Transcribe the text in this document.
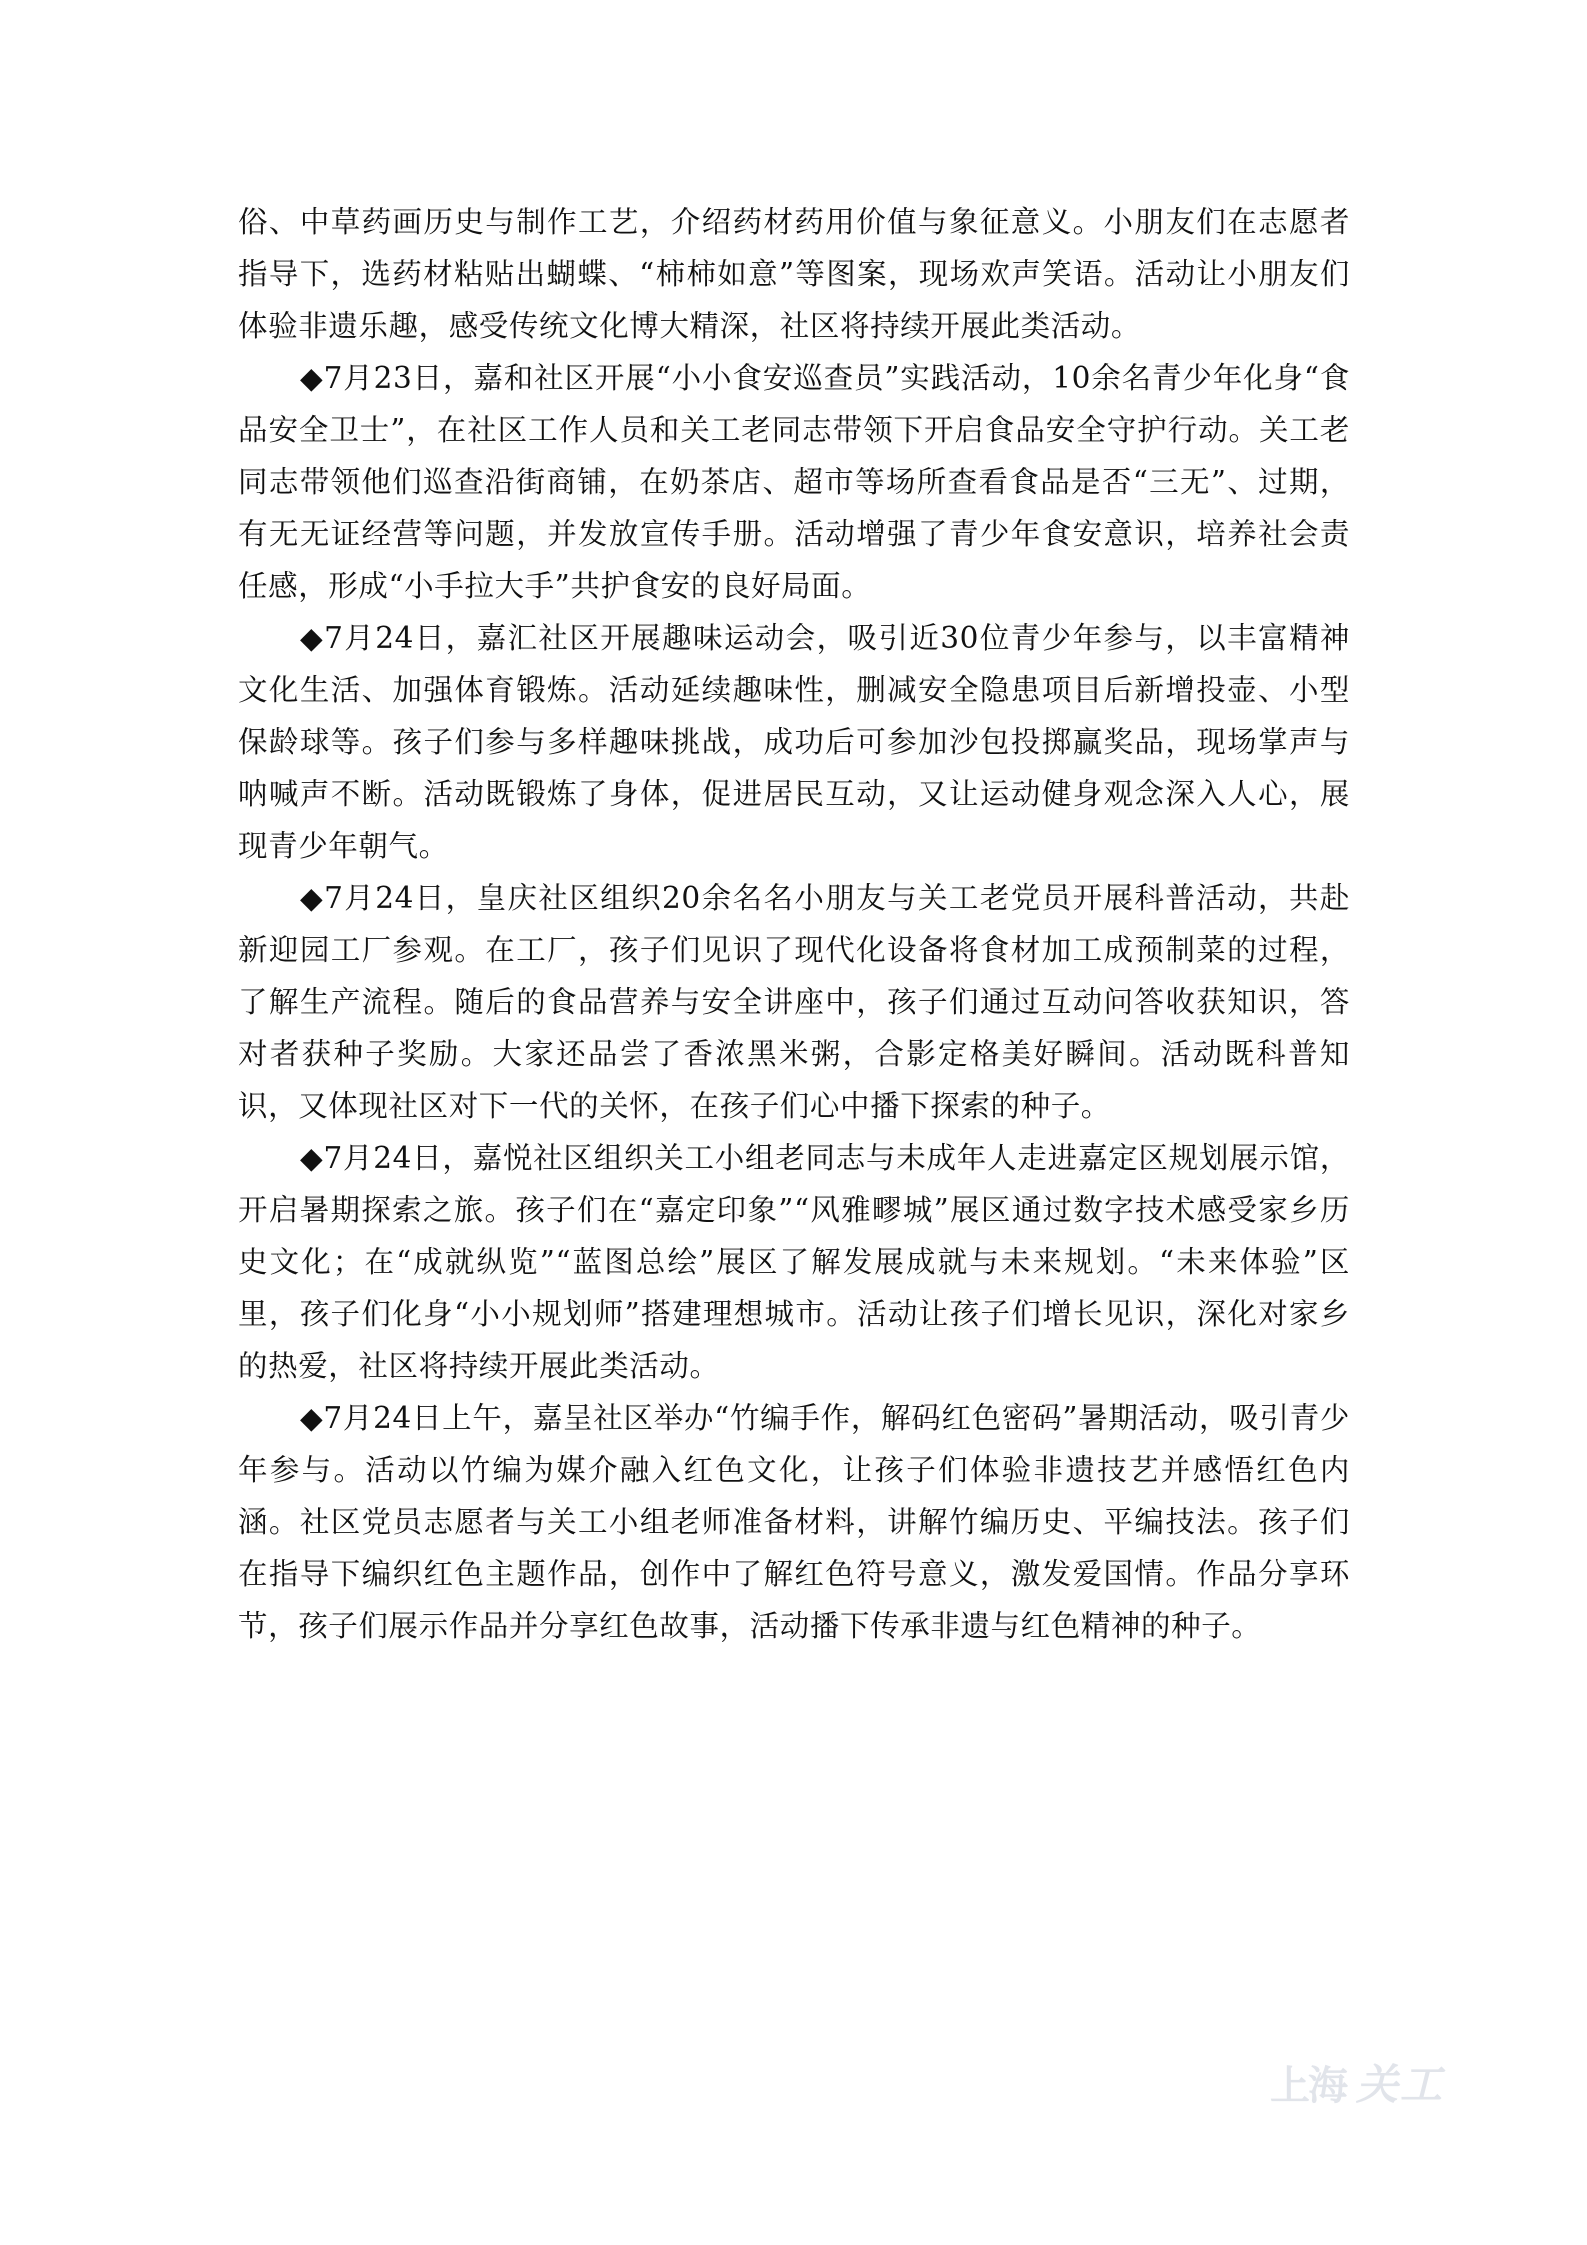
俗、中草药画历史与制作工艺，介绍药材药用价值与象征意义。小朋友们在志愿者指导下，选药材粘贴出蝴蝶、“柿柿如意”等图案，现场欢声笑语。活动让小朋友们体验非遗乐趣，感受传统文化博大精深，社区将持续开展此类活动。

◆7月23日，嘉和社区开展“小小食安巡查员”实践活动，10余名青少年化身“食品安全卫士”，在社区工作人员和关工老同志带领下开启食品安全守护行动。关工老同志带领他们巡查沿街商铺，在奶茶店、超市等场所查看食品是否“三无”、过期，有无无证经营等问题，并发放宣传手册。活动增强了青少年食安意识，培养社会责任感，形成“小手拉大手”共护食安的良好局面。

◆7月24日，嘉汇社区开展趣味运动会，吸引近30位青少年参与，以丰富精神文化生活、加强体育锻炼。活动延续趣味性，删减安全隐患项目后新增投壶、小型保龄球等。孩子们参与多样趣味挑战，成功后可参加沙包投掷赢奖品，现场掌声与呐喊声不断。活动既锻炼了身体，促进居民互动，又让运动健身观念深入人心，展现青少年朝气。

◆7月24日，皇庆社区组织20余名名小朋友与关工老党员开展科普活动，共赴新迎园工厂参观。在工厂，孩子们见识了现代化设备将食材加工成预制菜的过程，了解生产流程。随后的食品营养与安全讲座中，孩子们通过互动问答收获知识，答对者获种子奖励。大家还品尝了香浓黑米粥，合影定格美好瞬间。活动既科普知识，又体现社区对下一代的关怀，在孩子们心中播下探索的种子。

◆7月24日，嘉悦社区组织关工小组老同志与未成年人走进嘉定区规划展示馆，开启暑期探索之旅。孩子们在“嘉定印象”“风雅疁城”展区通过数字技术感受家乡历史文化；在“成就纵览”“蓝图总绘”展区了解发展成就与未来规划。“未来体验”区里，孩子们化身“小小规划师”搭建理想城市。活动让孩子们增长见识，深化对家乡的热爱，社区将持续开展此类活动。

◆7月24日上午，嘉呈社区举办“竹编手作，解码红色密码”暑期活动，吸引青少年参与。活动以竹编为媒介融入红色文化，让孩子们体验非遗技艺并感悟红色内涵。社区党员志愿者与关工小组老师准备材料，讲解竹编历史、平编技法。孩子们在指导下编织红色主题作品，创作中了解红色符号意义，激发爱国情。作品分享环节，孩子们展示作品并分享红色故事，活动播下传承非遗与红色精神的种子。

上海 关工
